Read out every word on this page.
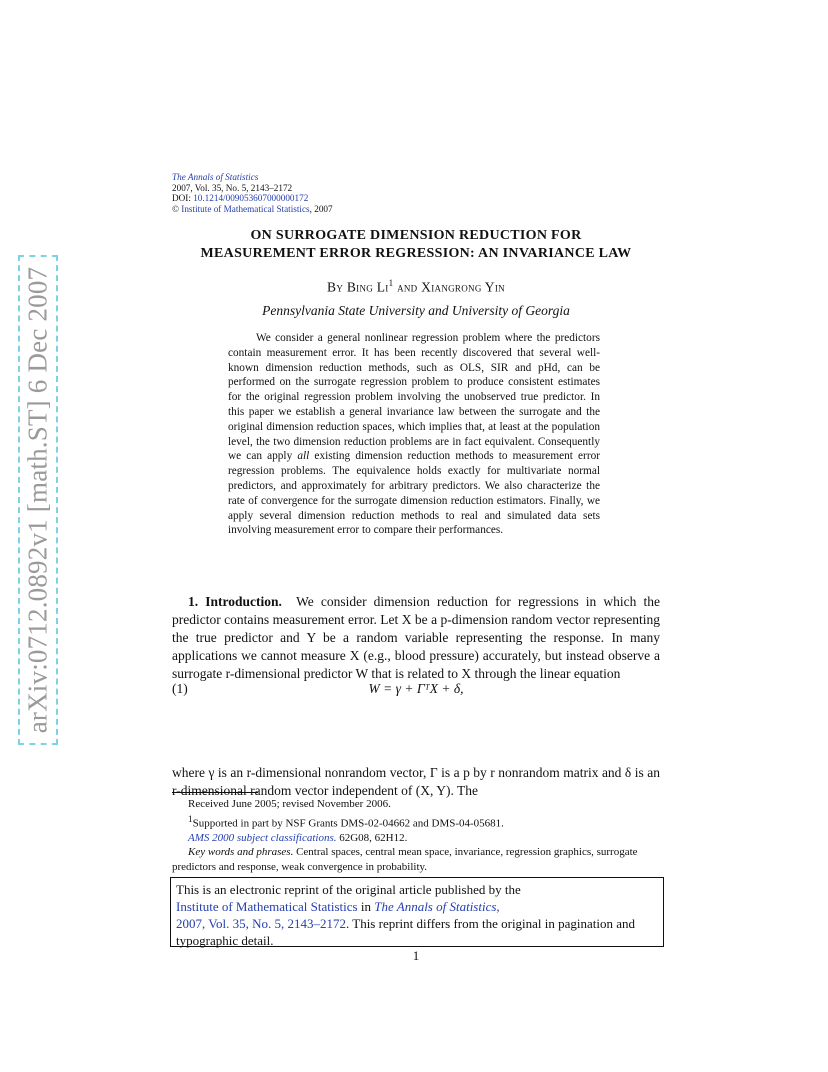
arXiv:0712.0892v1 [math.ST] 6 Dec 2007
The Annals of Statistics
2007, Vol. 35, No. 5, 2143–2172
DOI: 10.1214/009053607000000172
© Institute of Mathematical Statistics, 2007
ON SURROGATE DIMENSION REDUCTION FOR
MEASUREMENT ERROR REGRESSION: AN INVARIANCE LAW
By Bing Li$^1$ and Xiangrong Yin
Pennsylvania State University and University of Georgia

We consider a general nonlinear regression problem where the predictors contain measurement error. It has been recently discovered that several well-known dimension reduction methods, such as OLS, SIR and pHd, can be performed on the surrogate regression problem to produce consistent estimates for the original regression problem involving the unobserved true predictor. In this paper we establish a general invariance law between the surrogate and the original dimension reduction spaces, which implies that, at least at the population level, the two dimension reduction problems are in fact equivalent. Consequently we can apply all existing dimension reduction methods to measurement error regression problems. The equivalence holds exactly for multivariate normal predictors, and approximately for arbitrary predictors. We also characterize the rate of convergence for the surrogate dimension reduction estimators. Finally, we apply several dimension reduction methods to real and simulated data sets involving measurement error to compare their performances.

1. Introduction. We consider dimension reduction for regressions in which the predictor contains measurement error. Let X be a p-dimension random vector representing the true predictor and Y be a random variable representing the response. In many applications we cannot measure X (e.g., blood pressure) accurately, but instead observe a surrogate r-dimensional predictor W that is related to X through the linear equation

(1)	W = γ + ΓᵀX + δ,

where γ is an r-dimensional nonrandom vector, Γ is a p by r nonrandom matrix and δ is an r-dimensional random vector independent of (X, Y). The

Received June 2005; revised November 2006.

$^1$Supported in part by NSF Grants DMS-02-04662 and DMS-04-05681.

AMS 2000 subject classifications. 62G08, 62H12.

Key words and phrases. Central spaces, central mean space, invariance, regression graphics, surrogate predictors and response, weak convergence in probability.

This is an electronic reprint of the original article published by the
Institute of Mathematical Statistics in The Annals of Statistics,
2007, Vol. 35, No. 5, 2143–2172. This reprint differs from the original in pagination and typographic detail.
1
